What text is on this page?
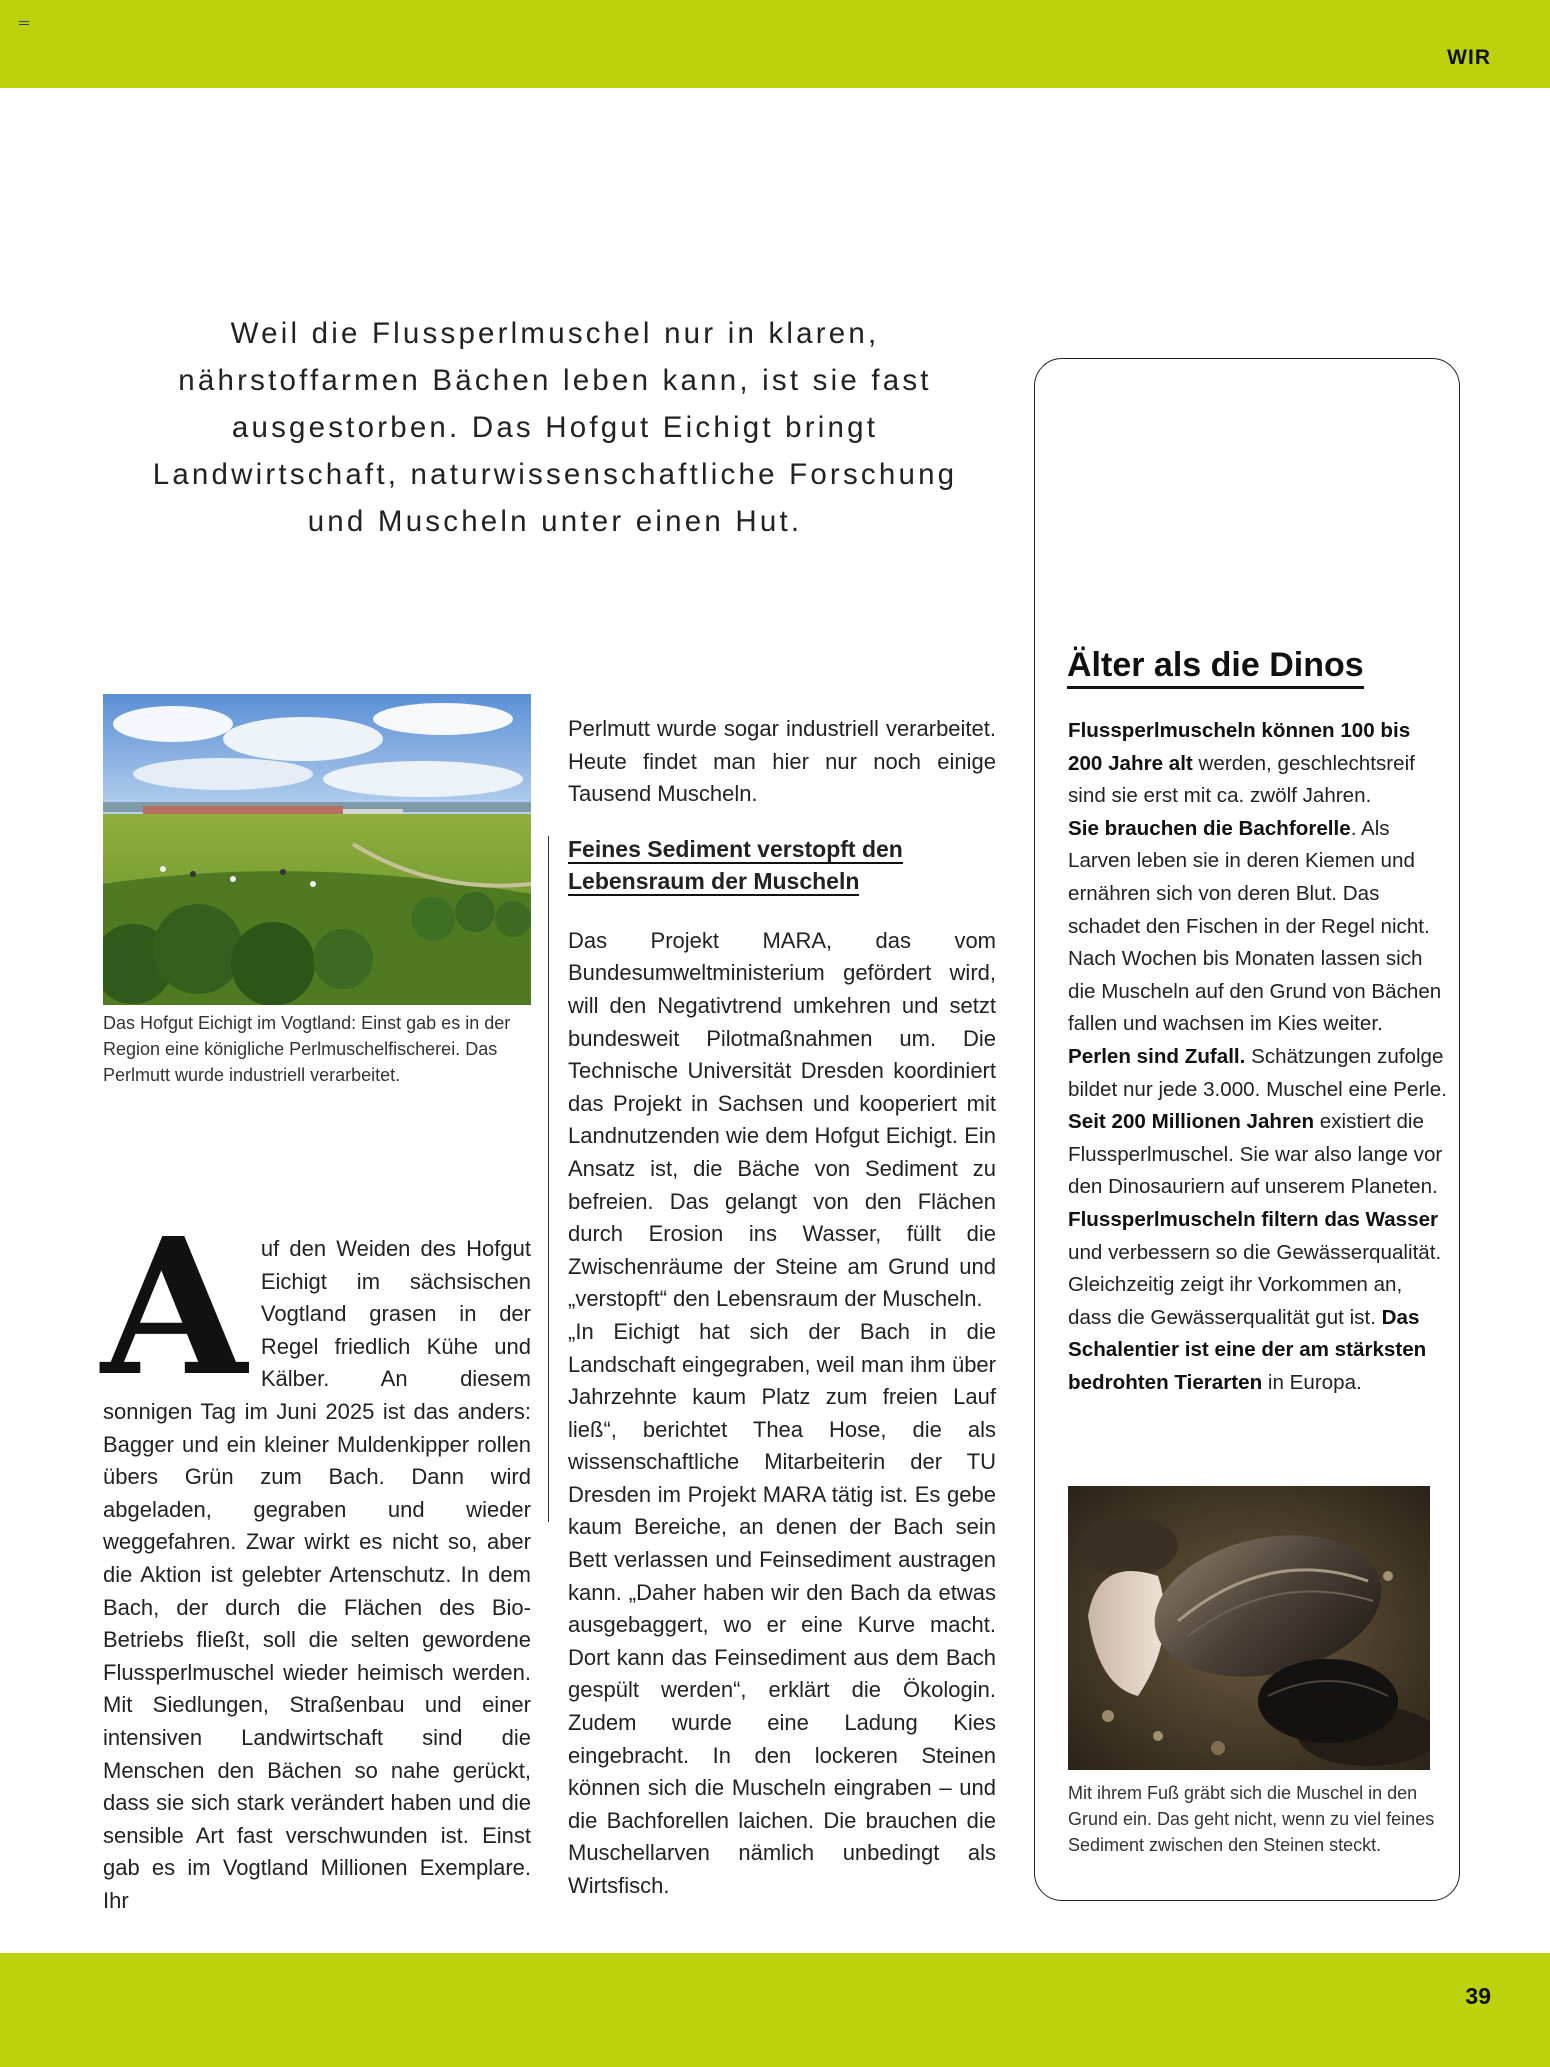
WIR
Weil die Flussperlmuschel nur in klaren, nährstoffarmen Bächen leben kann, ist sie fast ausgestorben. Das Hofgut Eichigt bringt Landwirtschaft, naturwissenschaftliche Forschung und Muscheln unter einen Hut.
Das Hofgut Eichigt im Vogtland: Einst gab es in der Region eine königliche Perlmuschelfischerei. Das Perlmutt wurde industriell verarbeitet.
Auf den Weiden des Hofgut Eichigt im sächsischen Vogtland grasen in der Regel friedlich Kühe und Kälber. An diesem sonnigen Tag im Juni 2025 ist das anders: Bagger und ein kleiner Muldenkipper rollen übers Grün zum Bach. Dann wird abgeladen, gegraben und wieder weggefahren. Zwar wirkt es nicht so, aber die Aktion ist gelebter Artenschutz. In dem Bach, der durch die Flächen des Bio-Betriebs fließt, soll die selten gewordene Flussperlmuschel wieder heimisch werden. Mit Siedlungen, Straßenbau und einer intensiven Landwirtschaft sind die Menschen den Bächen so nahe gerückt, dass sie sich stark verändert haben und die sensible Art fast verschwunden ist. Einst gab es im Vogtland Millionen Exemplare. Ihr

Perlmutt wurde sogar industriell verarbeitet. Heute findet man hier nur noch einige Tausend Muscheln.

Feines Sediment verstopft den
Lebensraum der Muscheln

Das Projekt MARA, das vom Bundesumweltministerium gefördert wird, will den Negativtrend umkehren und setzt bundesweit Pilotmaßnahmen um. Die Technische Universität Dresden koordiniert das Projekt in Sachsen und kooperiert mit Landnutzenden wie dem Hofgut Eichigt. Ein Ansatz ist, die Bäche von Sediment zu befreien. Das gelangt von den Flächen durch Erosion ins Wasser, füllt die Zwischenräume der Steine am Grund und „verstopft“ den Lebensraum der Muscheln.

„In Eichigt hat sich der Bach in die Landschaft eingegraben, weil man ihm über Jahrzehnte kaum Platz zum freien Lauf ließ“, berichtet Thea Hose, die als wissenschaftliche Mitarbeiterin der TU Dresden im Projekt MARA tätig ist. Es gebe kaum Bereiche, an denen der Bach sein Bett verlassen und Feinsediment austragen kann. „Daher haben wir den Bach da etwas ausgebaggert, wo er eine Kurve macht. Dort kann das Feinsediment aus dem Bach gespült werden“, erklärt die Ökologin. Zudem wurde eine Ladung Kies eingebracht. In den lockeren Steinen können sich die Muscheln eingraben – und die Bachforellen laichen. Die brauchen die Muschellarven nämlich unbedingt als Wirtsfisch.

Älter als die Dinos
Flussperlmuscheln können 100 bis 200 Jahre alt werden, geschlechtsreif sind sie erst mit ca. zwölf Jahren.
Sie brauchen die Bachforelle. Als Larven leben sie in deren Kiemen und ernähren sich von deren Blut. Das schadet den Fischen in der Regel nicht. Nach Wochen bis Monaten lassen sich die Muscheln auf den Grund von Bächen fallen und wachsen im Kies weiter.
Perlen sind Zufall. Schätzungen zufolge bildet nur jede 3.000. Muschel eine Perle.
Seit 200 Millionen Jahren existiert die Flussperlmuschel. Sie war also lange vor den Dinosauriern auf unserem Planeten.
Flussperlmuscheln filtern das Wasser und verbessern so die Gewässerqualität. Gleichzeitig zeigt ihr Vorkommen an, dass die Gewässerqualität gut ist. Das Schalentier ist eine der am stärksten bedrohten Tierarten in Europa.
Mit ihrem Fuß gräbt sich die Muschel in den Grund ein. Das geht nicht, wenn zu viel feines Sediment zwischen den Steinen steckt.
39
